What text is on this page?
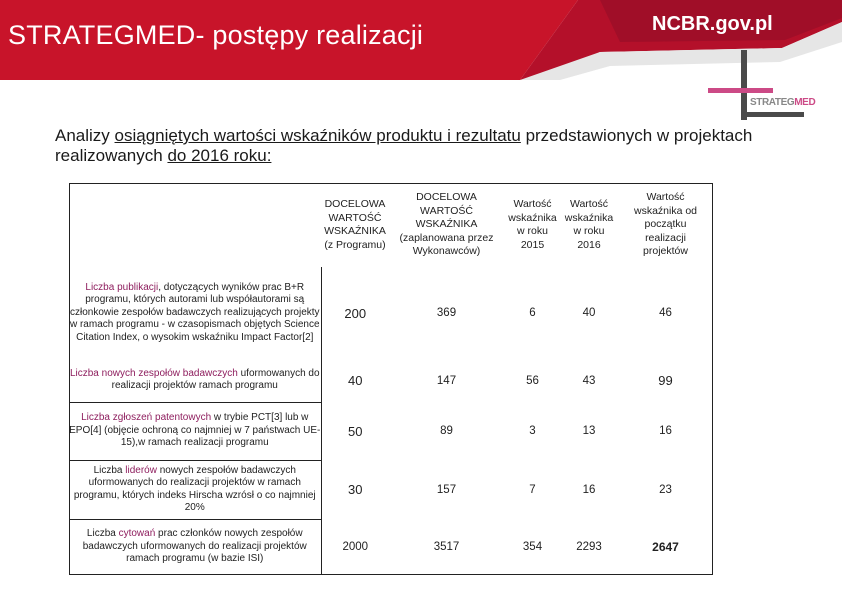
STRATEGMED- postępy realizacji	NCBR.gov.pl
STRATEGMED
Analizy osiągniętych wartości wskaźników produktu i rezultatu przedstawionych w projektach realizowanych do 2016 roku:
	DOCELOWA WARTOŚĆ WSKAŹNIKA (z Programu)	DOCELOWA WARTOŚĆ WSKAŹNIKA (zaplanowana przez Wykonawców)	Wartość wskaźnika w roku 2015	Wartość wskaźnika w roku 2016	Wartość wskaźnika od początku realizacji projektów
Liczba publikacji, dotyczących wyników prac B+R programu, których autorami lub współautorami są członkowie zespołów badawczych realizujących projekty w ramach programu - w czasopismach objętych Science Citation Index, o wysokim wskaźniku Impact Factor[2]	200	369	6	40	46
Liczba nowych zespołów badawczych uformowanych do realizacji projektów ramach programu	40	147	56	43	99
Liczba zgłoszeń patentowych w trybie PCT[3] lub w EPO[4] (objęcie ochroną co najmniej w 7 państwach UE-15),w ramach realizacji programu	50	89	3	13	16
Liczba liderów nowych zespołów badawczych uformowanych do realizacji projektów w ramach programu, których indeks Hirscha wzrósł o co najmniej 20%	30	157	7	16	23
Liczba cytowań prac członków nowych zespołów badawczych uformowanych do realizacji projektów ramach programu (w bazie ISI)	2000	3517	354	2293	2647
